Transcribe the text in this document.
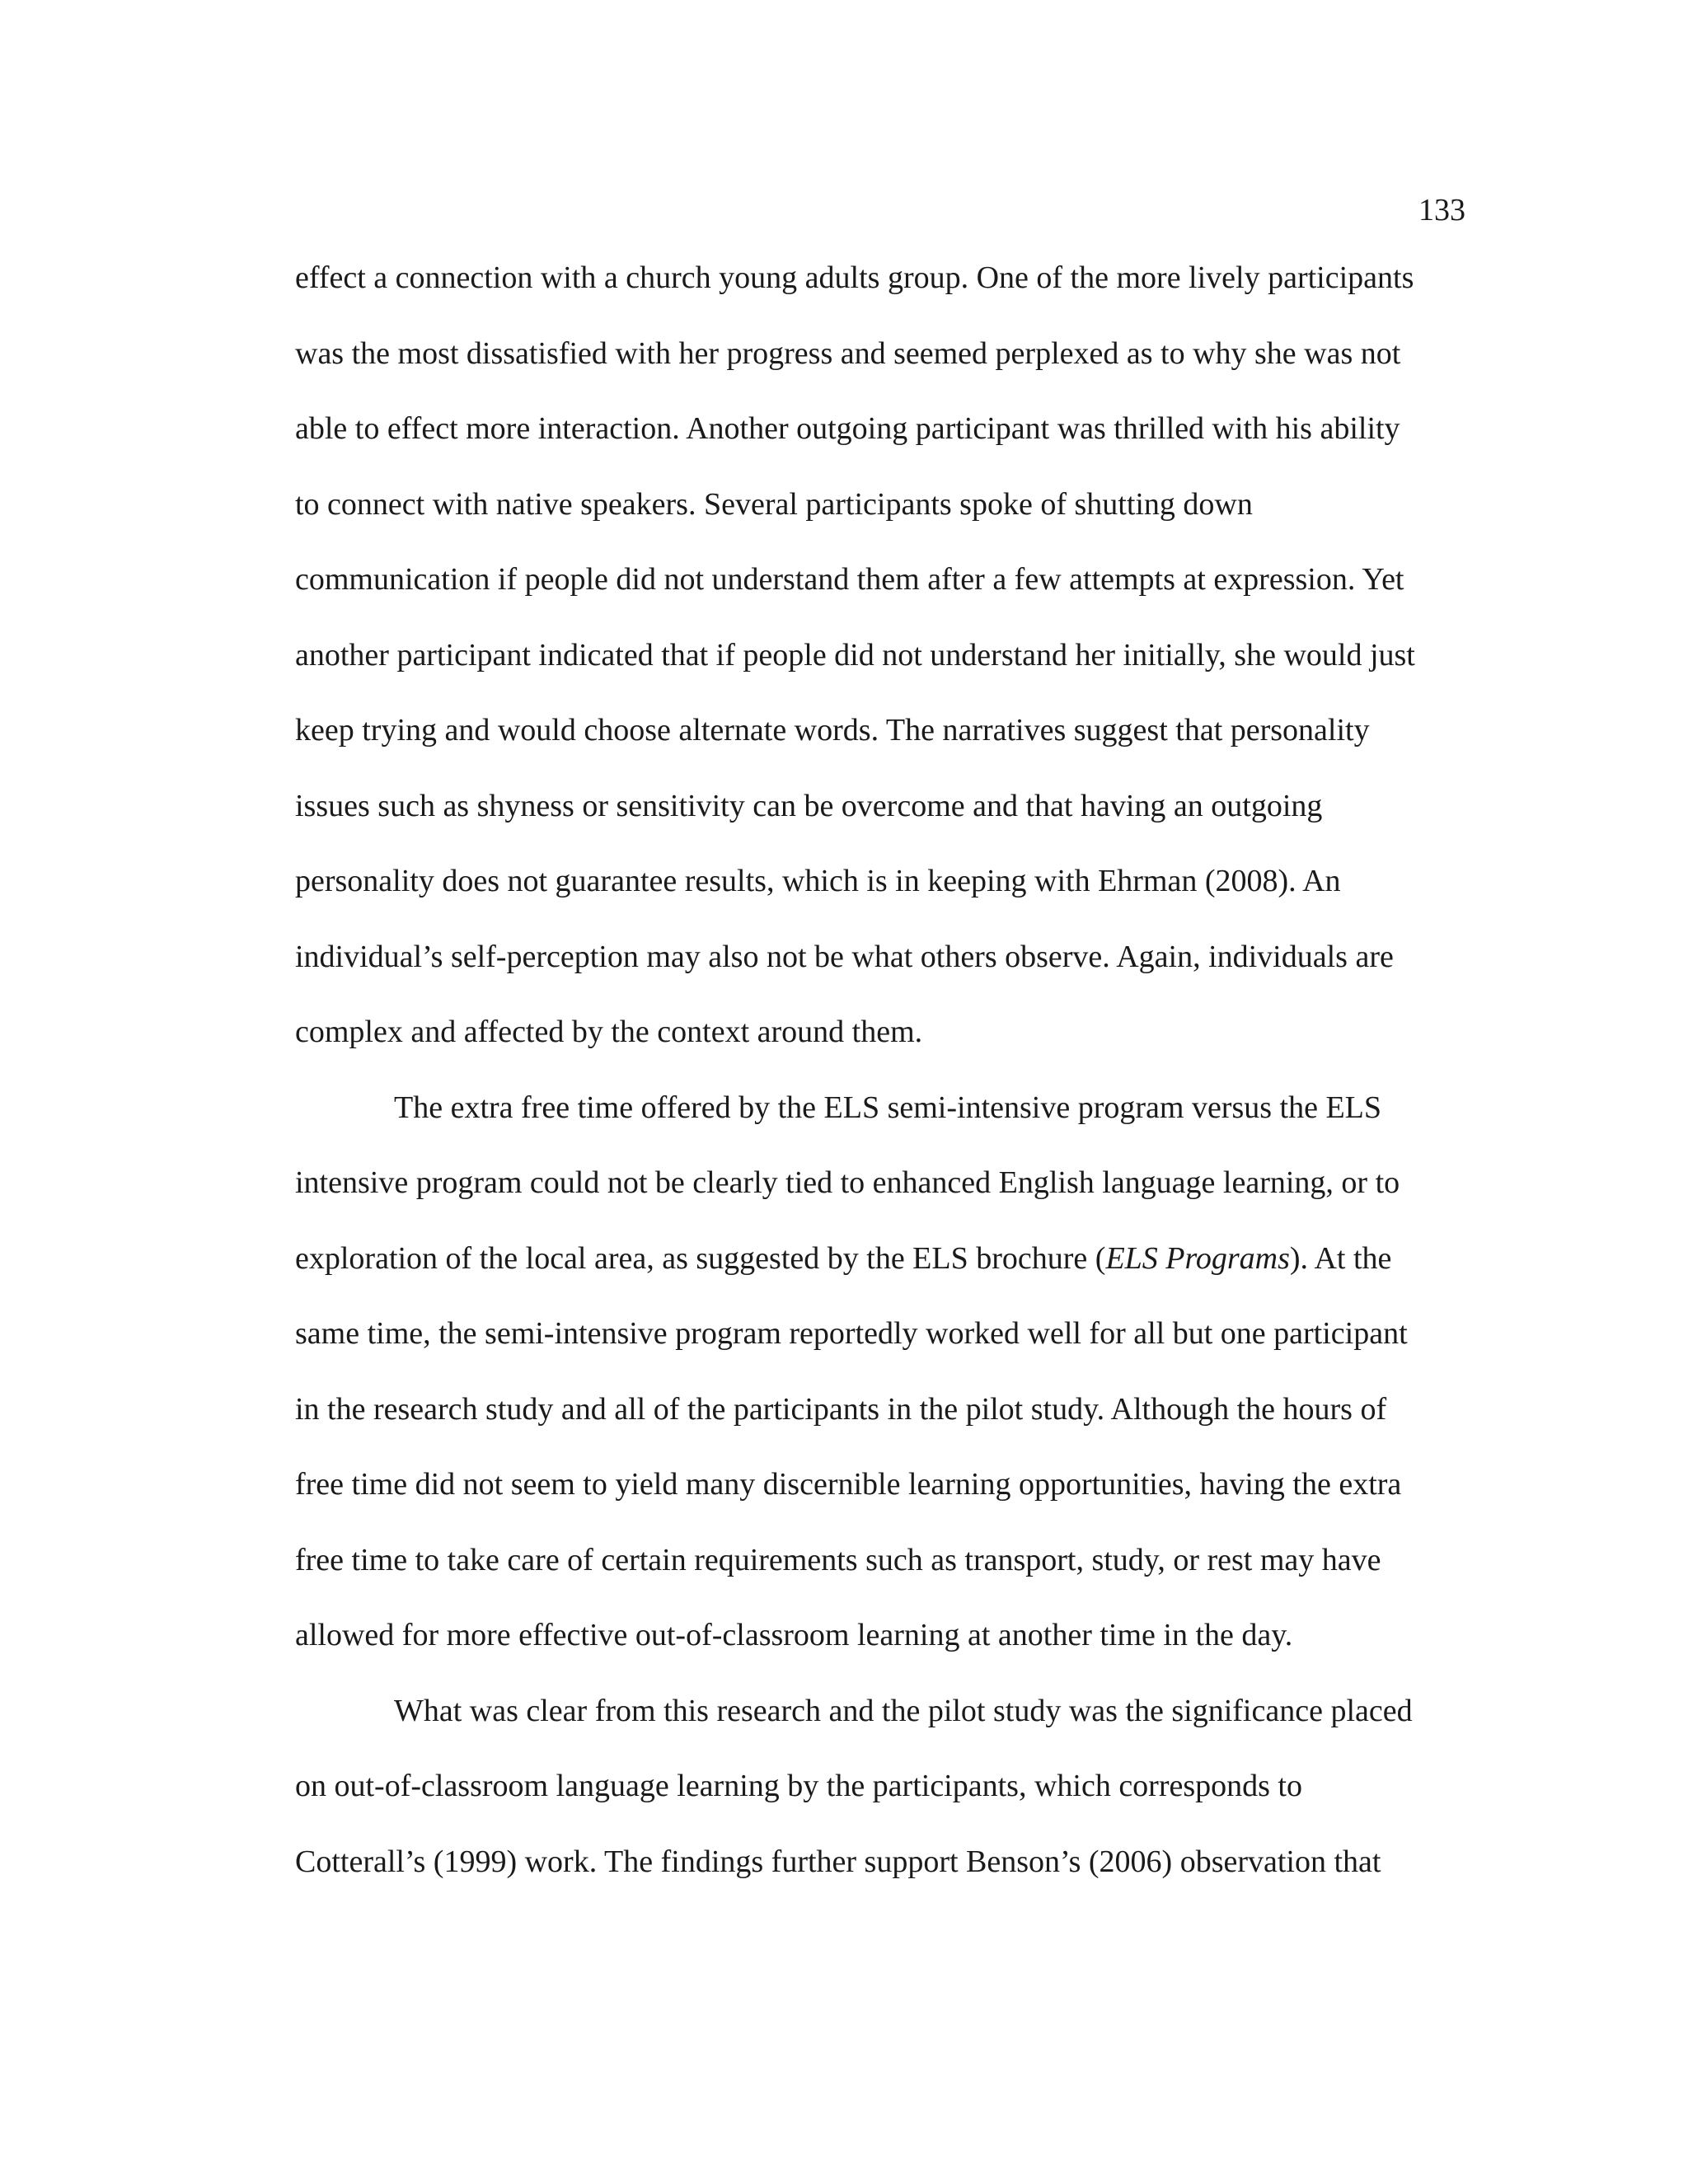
133
effect a connection with a church young adults group. One of the more lively participants
was the most dissatisfied with her progress and seemed perplexed as to why she was not
able to effect more interaction. Another outgoing participant was thrilled with his ability
to connect with native speakers. Several participants spoke of shutting down
communication if people did not understand them after a few attempts at expression. Yet
another participant indicated that if people did not understand her initially, she would just
keep trying and would choose alternate words. The narratives suggest that personality
issues such as shyness or sensitivity can be overcome and that having an outgoing
personality does not guarantee results, which is in keeping with Ehrman (2008). An
individual’s self-perception may also not be what others observe. Again, individuals are
complex and affected by the context around them.
The extra free time offered by the ELS semi-intensive program versus the ELS
intensive program could not be clearly tied to enhanced English language learning, or to
exploration of the local area, as suggested by the ELS brochure (ELS Programs). At the
same time, the semi-intensive program reportedly worked well for all but one participant
in the research study and all of the participants in the pilot study. Although the hours of
free time did not seem to yield many discernible learning opportunities, having the extra
free time to take care of certain requirements such as transport, study, or rest may have
allowed for more effective out-of-classroom learning at another time in the day.
What was clear from this research and the pilot study was the significance placed
on out-of-classroom language learning by the participants, which corresponds to
Cotterall’s (1999) work. The findings further support Benson’s (2006) observation that
